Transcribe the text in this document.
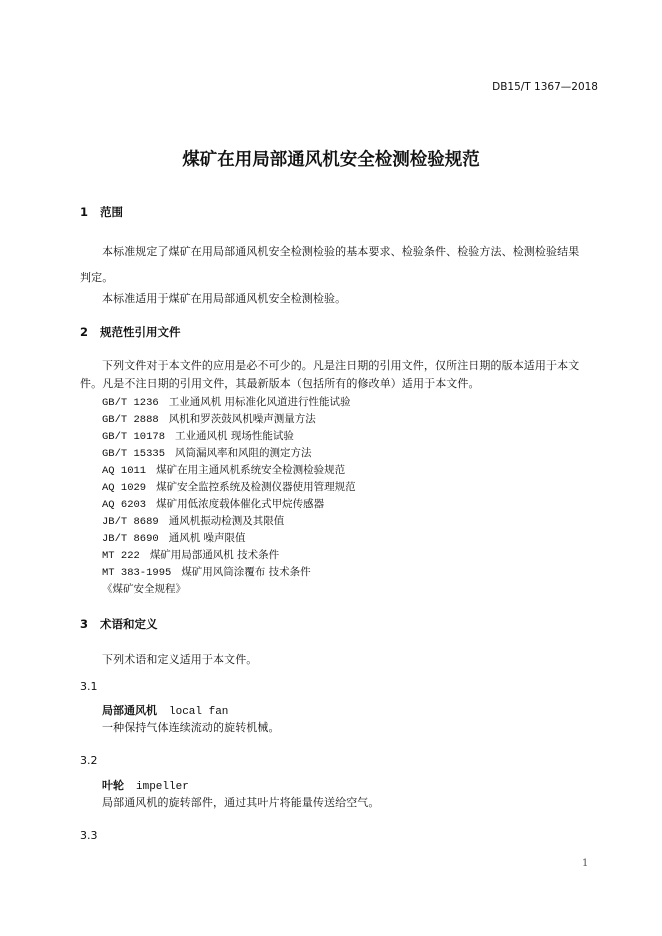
DB15/T 1367—2018
煤矿在用局部通风机安全检测检验规范
1 范围
本标准规定了煤矿在用局部通风机安全检测检验的基本要求、检验条件、检验方法、检测检验结果
判定。
本标准适用于煤矿在用局部通风机安全检测检验。
2 规范性引用文件
下列文件对于本文件的应用是必不可少的。凡是注日期的引用文件，仅所注日期的版本适用于本文
件。凡是不注日期的引用文件，其最新版本（包括所有的修改单）适用于本文件。
GB/T 1236 工业通风机 用标准化风道进行性能试验
GB/T 2888 风机和罗茨鼓风机噪声测量方法
GB/T 10178 工业通风机 现场性能试验
GB/T 15335 风筒漏风率和风阻的测定方法
AQ 1011 煤矿在用主通风机系统安全检测检验规范
AQ 1029 煤矿安全监控系统及检测仪器使用管理规范
AQ 6203 煤矿用低浓度载体催化式甲烷传感器
JB/T 8689 通风机振动检测及其限值
JB/T 8690 通风机 噪声限值
MT 222 煤矿用局部通风机 技术条件
MT 383-1995 煤矿用风筒涂覆布 技术条件
《煤矿安全规程》
3 术语和定义
下列术语和定义适用于本文件。
3.1
局部通风机 local fan
一种保持气体连续流动的旋转机械。
3.2
叶轮 impeller
局部通风机的旋转部件，通过其叶片将能量传送给空气。
3.3
1
